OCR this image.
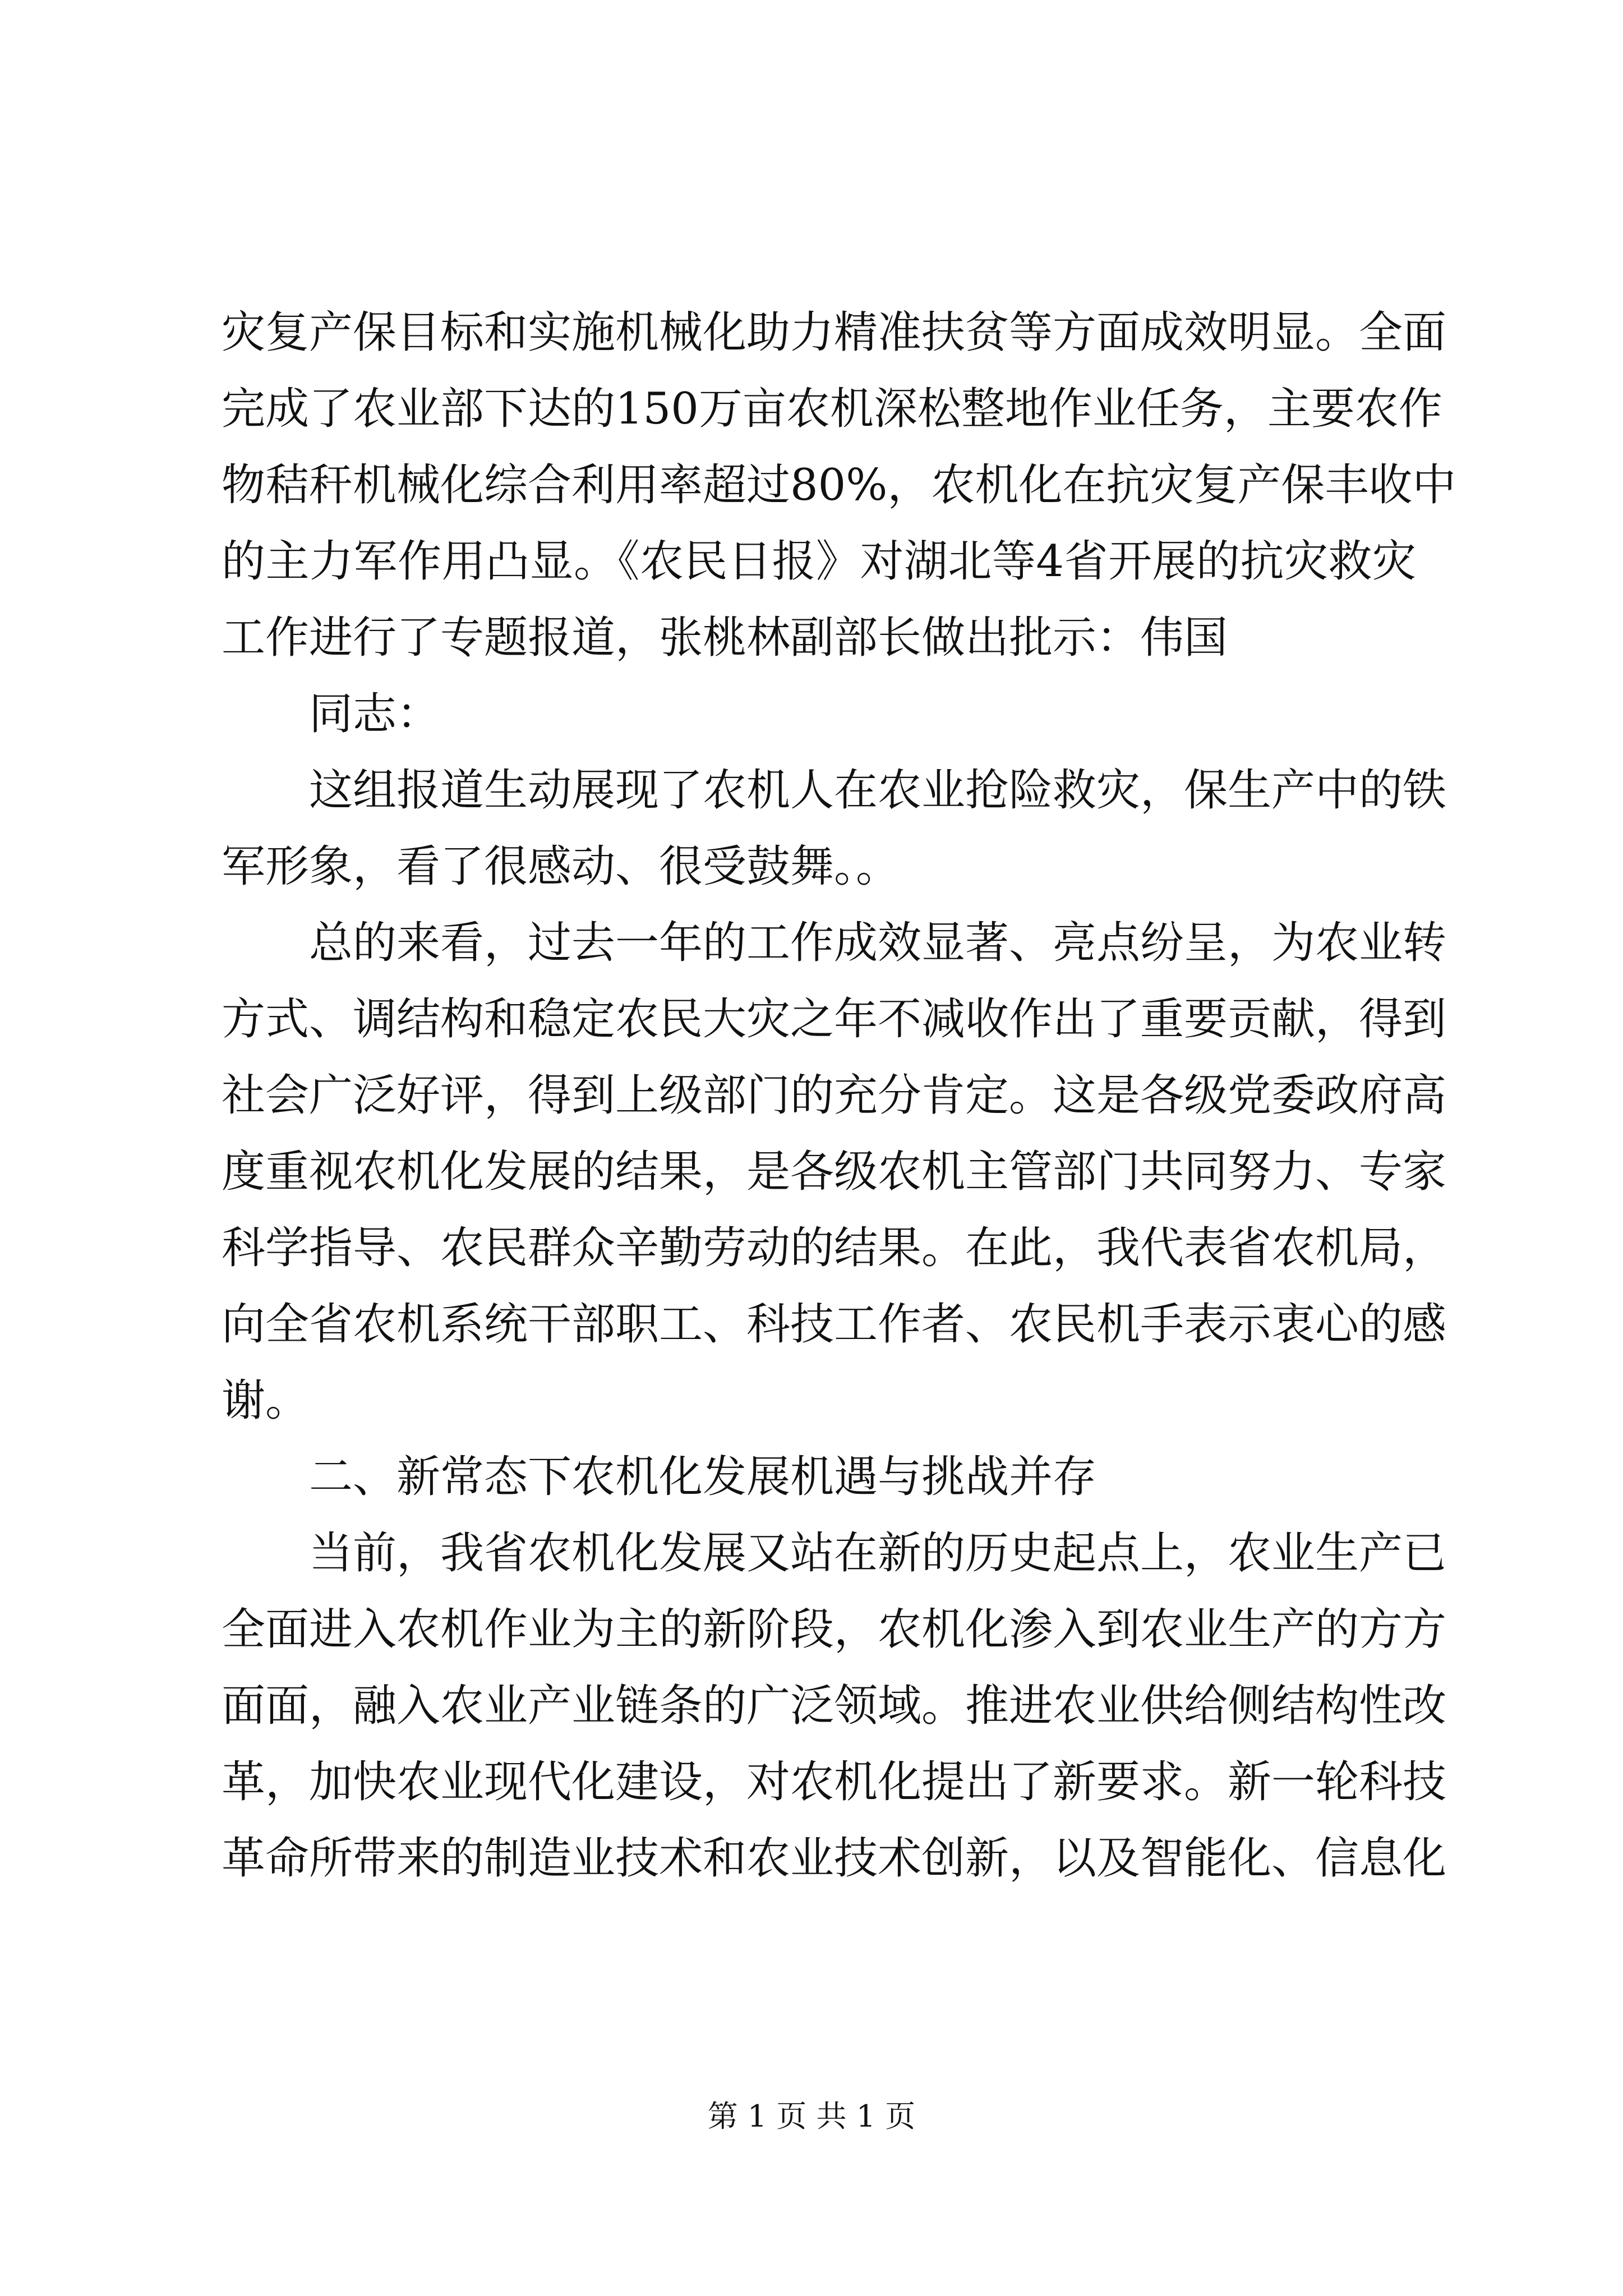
灾复产保目标和实施机械化助力精准扶贫等方面成效明显。全面
完成了农业部下达的150万亩农机深松整地作业任务，主要农作
物秸秆机械化综合利用率超过80%，农机化在抗灾复产保丰收中
的主力军作用凸显。《农民日报》对湖北等4省开展的抗灾救灾
工作进行了专题报道，张桃林副部长做出批示：伟国
同志：
这组报道生动展现了农机人在农业抢险救灾，保生产中的铁
军形象，看了很感动、很受鼓舞。。
总的来看，过去一年的工作成效显著、亮点纷呈，为农业转
方式、调结构和稳定农民大灾之年不减收作出了重要贡献，得到
社会广泛好评，得到上级部门的充分肯定。这是各级党委政府高
度重视农机化发展的结果，是各级农机主管部门共同努力、专家
科学指导、农民群众辛勤劳动的结果。在此，我代表省农机局，
向全省农机系统干部职工、科技工作者、农民机手表示衷心的感
谢。
二、新常态下农机化发展机遇与挑战并存
当前，我省农机化发展又站在新的历史起点上，农业生产已
全面进入农机作业为主的新阶段，农机化渗入到农业生产的方方
面面，融入农业产业链条的广泛领域。推进农业供给侧结构性改
革，加快农业现代化建设，对农机化提出了新要求。新一轮科技
革命所带来的制造业技术和农业技术创新，以及智能化、信息化
第 1 页 共 1 页
